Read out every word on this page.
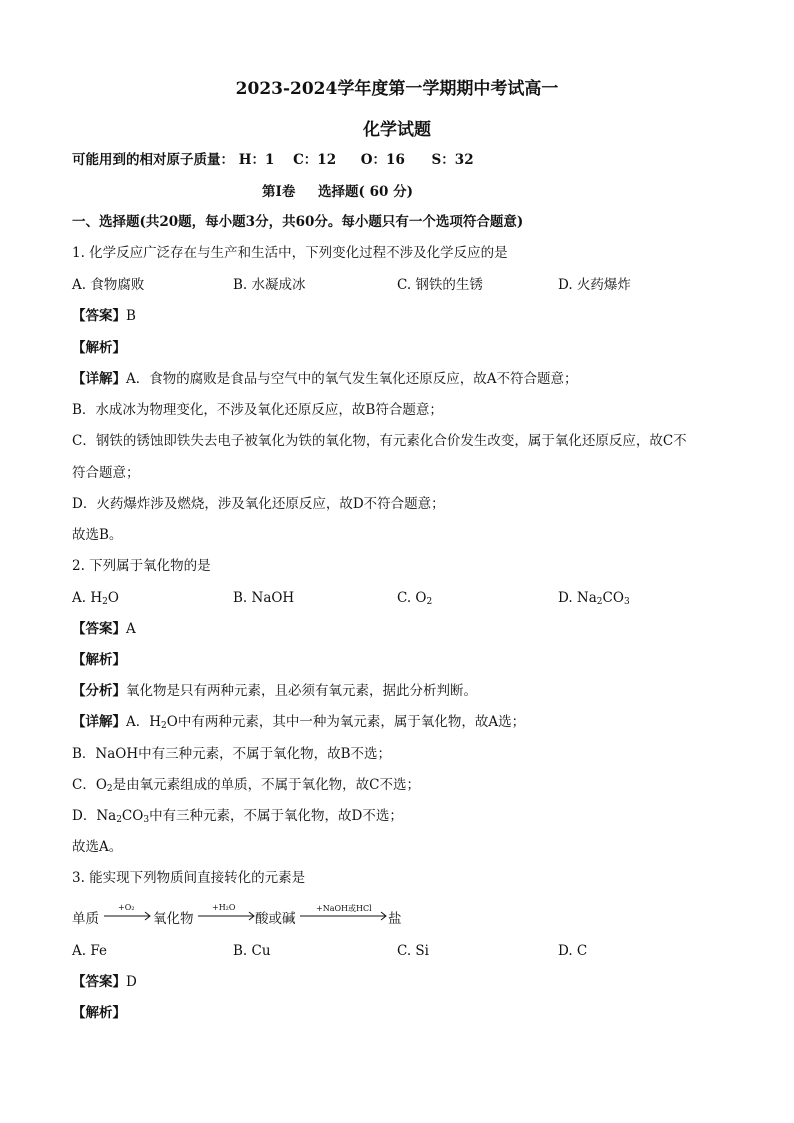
2023-2024学年度第一学期期中考试高一
化学试题
可能用到的相对原子质量： H：1 C：12 O：16 S：32
第Ⅰ卷 选择题( 60 分)
一、选择题(共20题，每小题3分，共60分。每小题只有一个选项符合题意)
1. 化学反应广泛存在与生产和生活中，下列变化过程不涉及化学反应的是
A. 食物腐败	B. 水凝成冰	C. 钢铁的生锈	D. 火药爆炸
【答案】B
【解析】
【详解】A．食物的腐败是食品与空气中的氧气发生氧化还原反应，故A不符合题意；
B．水成冰为物理变化，不涉及氧化还原反应，故B符合题意；
C．钢铁的锈蚀即铁失去电子被氧化为铁的氧化物，有元素化合价发生改变，属于氧化还原反应，故C不
符合题意；
D．火药爆炸涉及燃烧，涉及氧化还原反应，故D不符合题意；
故选B。
2. 下列属于氧化物的是
A. $H_2O$	B. NaOH	C. $O_2$	D. $Na_2CO_3$
【答案】A
【解析】
【分析】氧化物是只有两种元素，且必须有氧元素，据此分析判断。
【详解】A．$H_2O$中有两种元素，其中一种为氧元素，属于氧化物，故A选；
B．NaOH中有三种元素，不属于氧化物，故B不选；
C．$O_2$是由氧元素组成的单质，不属于氧化物，故C不选；
D．$Na_2CO_3$中有三种元素，不属于氧化物，故D不选；
故选A。
3. 能实现下列物质间直接转化的元素是
单质
+O₂
氧化物
+H₂O
酸或碱
+NaOH或HCl
盐
A. Fe	B. Cu	C. Si	D. C
【答案】D
【解析】
